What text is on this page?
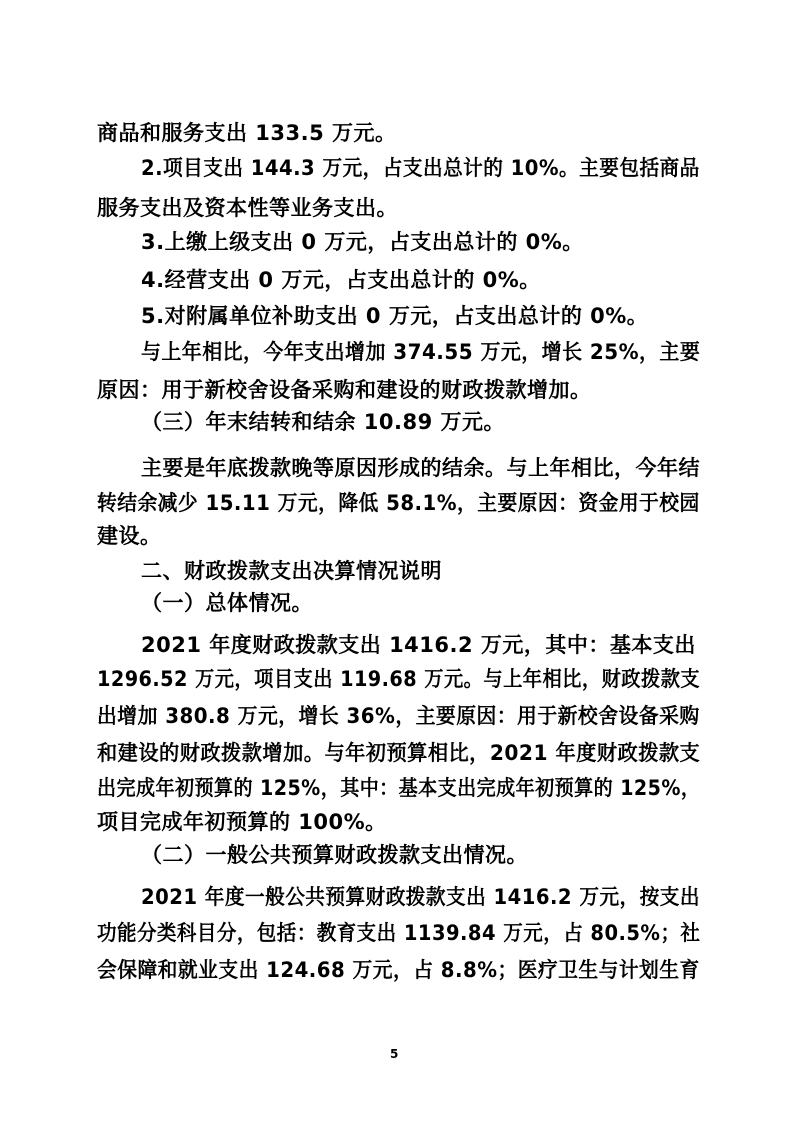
商品和服务支出 133.5 万元。
2.项目支出 144.3 万元，占支出总计的 10%。主要包括商品
服务支出及资本性等业务支出。
3.上缴上级支出 0 万元，占支出总计的 0%。
4.经营支出 0 万元，占支出总计的 0%。
5.对附属单位补助支出 0 万元，占支出总计的 0%。
与上年相比，今年支出增加 374.55 万元，增长 25%，主要
原因：用于新校舍设备采购和建设的财政拨款增加。
（三）年末结转和结余 10.89 万元。
主要是年底拨款晚等原因形成的结余。与上年相比，今年结
转结余减少 15.11 万元，降低 58.1%，主要原因：资金用于校园
建设。
二、财政拨款支出决算情况说明
（一）总体情况。
2021 年度财政拨款支出 1416.2 万元，其中：基本支出
1296.52 万元，项目支出 119.68 万元。与上年相比，财政拨款支
出增加 380.8 万元，增长 36%，主要原因：用于新校舍设备采购
和建设的财政拨款增加。与年初预算相比，2021 年度财政拨款支
出完成年初预算的 125%，其中：基本支出完成年初预算的 125%，
项目完成年初预算的 100%。
（二）一般公共预算财政拨款支出情况。
2021 年度一般公共预算财政拨款支出 1416.2 万元，按支出
功能分类科目分，包括：教育支出 1139.84 万元，占 80.5%；社
会保障和就业支出 124.68 万元，占 8.8%；医疗卫生与计划生育
5
